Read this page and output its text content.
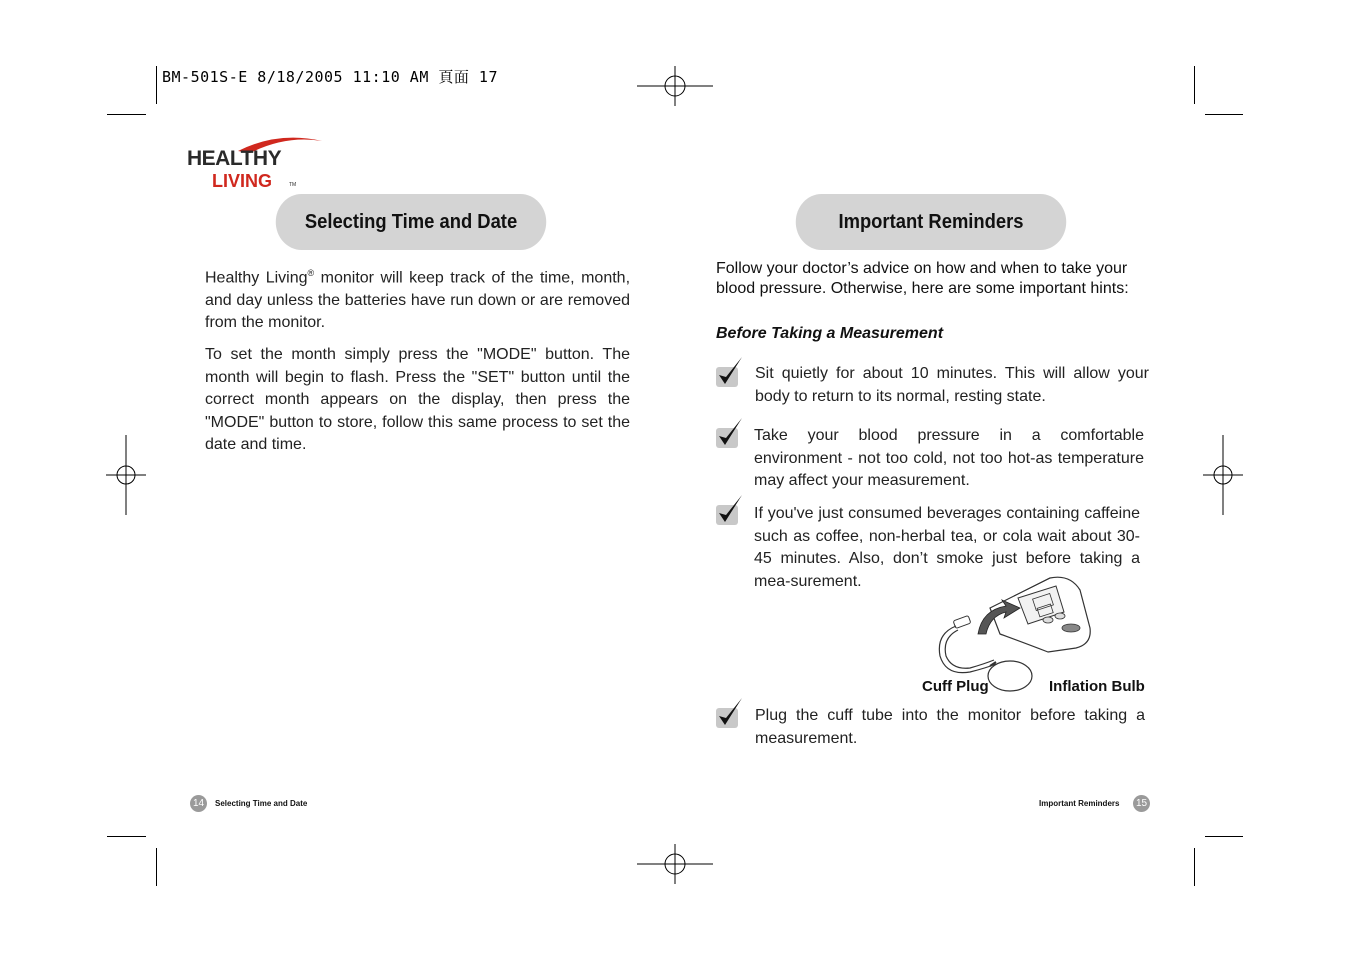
BM-501S-E 8/18/2005 11:10 AM 頁面 17
HEALTHY
LIVING	TM
Selecting Time and Date
Healthy Living® monitor will keep track of the time, month, and day unless the batteries have run down or are removed from the monitor.
To set the month simply press the "MODE" button. The month will begin to flash. Press the "SET" button until the correct month appears on the display, then press the "MODE" button to store, follow this same process to set the date and time.
14	Selecting Time and Date
Important Reminders
Follow your doctor’s advice on how and when to take your blood pressure. Otherwise, here are some important hints:
Before Taking a Measurement
Sit quietly for about 10 minutes. This will allow your body to return to its normal, resting state.
Take your blood pressure in a comfortable environment - not too cold, not too hot-as temperature may affect your measurement.
If you've just consumed beverages containing caffeine such as coffee, non-herbal tea, or cola wait about 30-45 minutes. Also, don’t smoke just before taking a mea-surement.
Plug the cuff tube into the monitor before taking a measurement.
Cuff Plug	Inflation Bulb
Important Reminders 15
